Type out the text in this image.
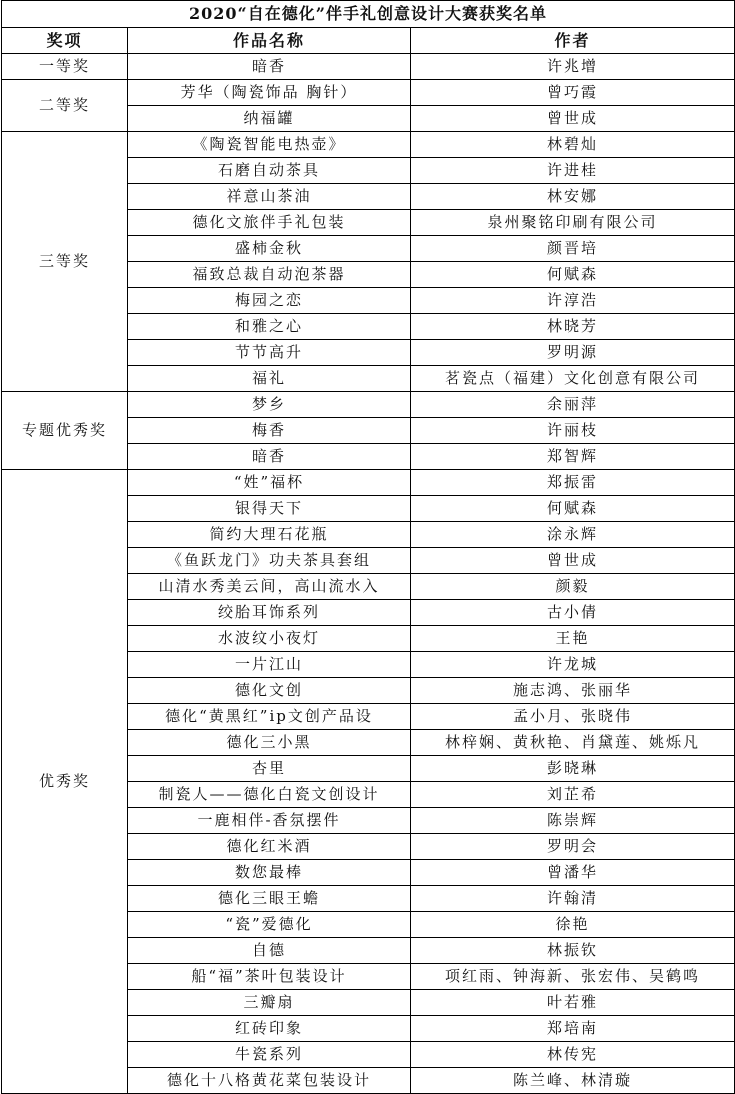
2020“自在德化”伴手礼创意设计大赛获奖名单		
奖项	作品名称	作者
一等奖	暗香	许兆增
二等奖	芳华（陶瓷饰品 胸针）	曾巧霞
	纳福罐	曾世成
三等奖	《陶瓷智能电热壶》	林碧灿
	石磨自动茶具	许进桂
	祥意山茶油	林安娜
	德化文旅伴手礼包装	泉州聚铭印刷有限公司
	盛柿金秋	颜晋培
	福致总裁自动泡茶器	何赋森
	梅园之恋	许淳浩
	和雅之心	林晓芳
	节节高升	罗明源
	福礼	茗瓷点（福建）文化创意有限公司
专题优秀奖	梦乡	余丽萍
	梅香	许丽枝
	暗香	郑智辉
优秀奖	“姓”福杯	郑振雷
	银得天下	何赋森
	简约大理石花瓶	涂永辉
	《鱼跃龙门》功夫茶具套组	曾世成
	山清水秀美云间，高山流水入	颜毅
	绞胎耳饰系列	古小倩
	水波纹小夜灯	王艳
	一片江山	许龙城
	德化文创	施志鸿、张丽华
	德化“黄黑红”ip文创产品设	孟小月、张晓伟
	德化三小黑	林梓娴、黄秋艳、肖黛莲、姚烁凡
	杏里	彭晓琳
	制瓷人——德化白瓷文创设计	刘芷希
	一鹿相伴-香氛摆件	陈崇辉
	德化红米酒	罗明会
	数您最棒	曾潘华
	德化三眼王蟾	许翰清
	“瓷”爱德化	徐艳
	自德	林振钦
	船“福”茶叶包装设计	项红雨、钟海新、张宏伟、吴鹤鸣
	三瓣扇	叶若雅
	红砖印象	郑培南
	牛瓷系列	林传宪
	德化十八格黄花菜包装设计	陈兰峰、林清璇
